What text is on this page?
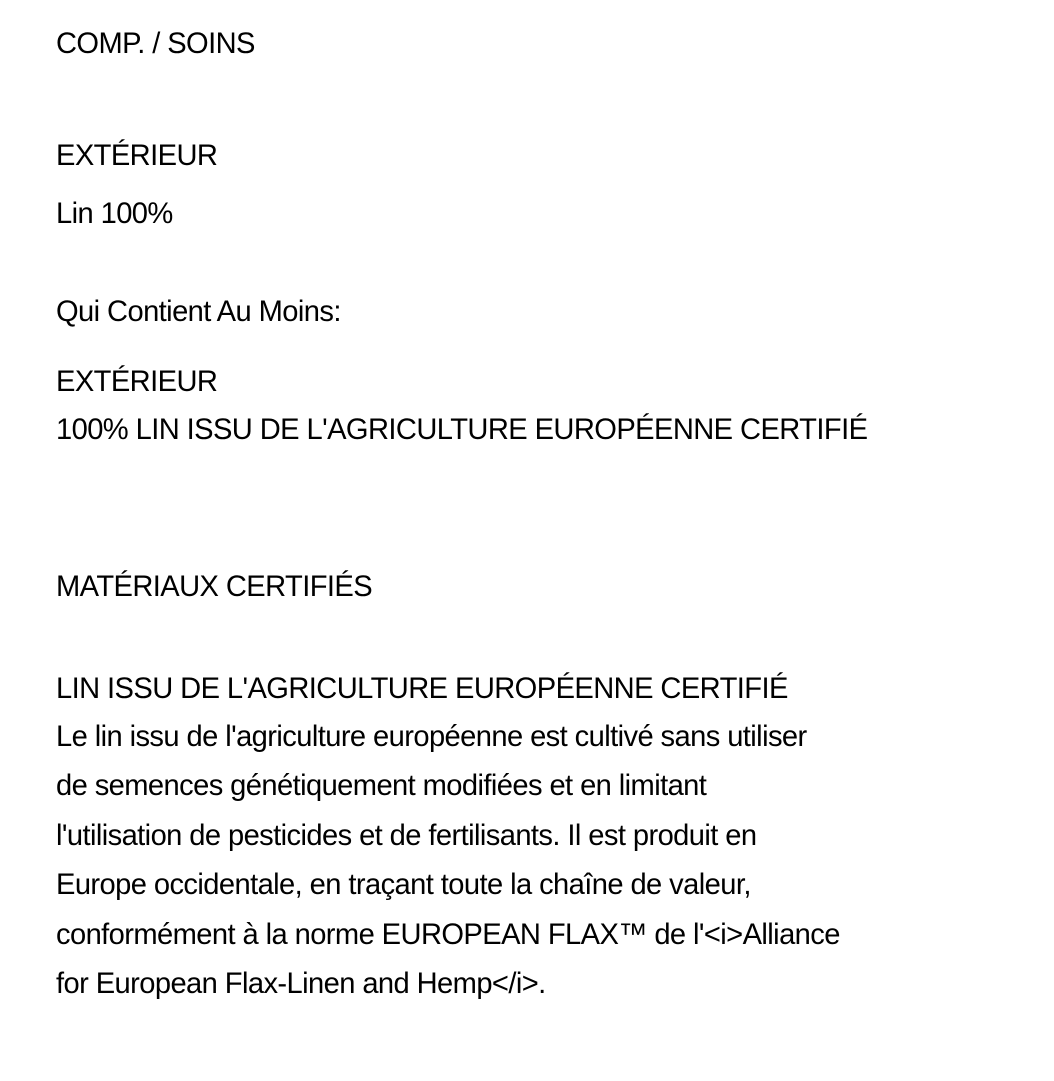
COMP. / SOINS
EXTÉRIEUR
Lin 100%
Qui Contient Au Moins:
EXTÉRIEUR
100% LIN ISSU DE L'AGRICULTURE EUROPÉENNE CERTIFIÉ
MATÉRIAUX CERTIFIÉS
LIN ISSU DE L'AGRICULTURE EUROPÉENNE CERTIFIÉ
Le lin issu de l'agriculture européenne est cultivé sans utiliser
de semences génétiquement modifiées et en limitant
l'utilisation de pesticides et de fertilisants. Il est produit en
Europe occidentale, en traçant toute la chaîne de valeur,
conformément à la norme EUROPEAN FLAX™ de l'<i>Alliance
for European Flax-Linen and Hemp</i>.
